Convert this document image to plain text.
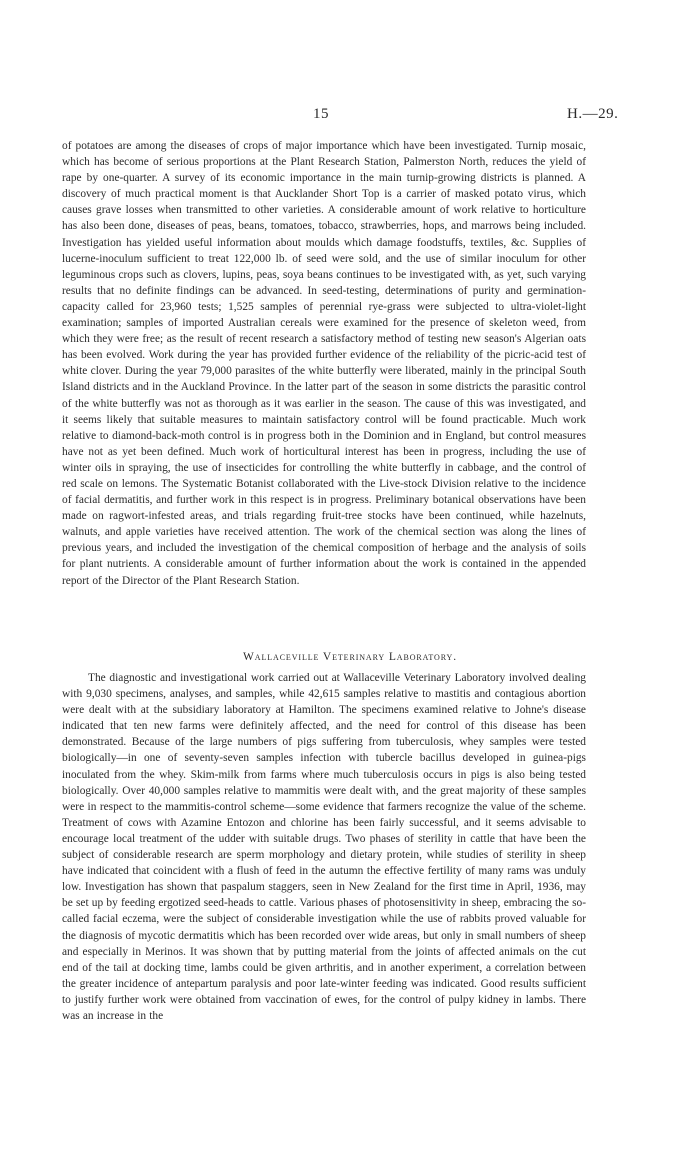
15	H.—29.

of potatoes are among the diseases of crops of major importance which have been investigated. Turnip mosaic, which has become of serious proportions at the Plant Research Station, Palmerston North, reduces the yield of rape by one-quarter. A survey of its economic importance in the main turnip-growing districts is planned. A discovery of much practical moment is that Aucklander Short Top is a carrier of masked potato virus, which causes grave losses when transmitted to other varieties. A considerable amount of work relative to horticulture has also been done, diseases of peas, beans, tomatoes, tobacco, strawberries, hops, and marrows being included. Investigation has yielded useful information about moulds which damage foodstuffs, textiles, &c. Supplies of lucerne-inoculum sufficient to treat 122,000 lb. of seed were sold, and the use of similar inoculum for other leguminous crops such as clovers, lupins, peas, soya beans continues to be investigated with, as yet, such varying results that no definite findings can be advanced. In seed-testing, determinations of purity and germination-capacity called for 23,960 tests; 1,525 samples of perennial rye-grass were subjected to ultra-violet-light examination; samples of imported Australian cereals were examined for the presence of skeleton weed, from which they were free; as the result of recent research a satisfactory method of testing new season's Algerian oats has been evolved. Work during the year has provided further evidence of the reliability of the picric-acid test of white clover. During the year 79,000 parasites of the white butterfly were liberated, mainly in the principal South Island districts and in the Auckland Province. In the latter part of the season in some districts the parasitic control of the white butterfly was not as thorough as it was earlier in the season. The cause of this was investigated, and it seems likely that suitable measures to maintain satisfactory control will be found practicable. Much work relative to diamond-back-moth control is in progress both in the Dominion and in England, but control measures have not as yet been defined. Much work of horticultural interest has been in progress, including the use of winter oils in spraying, the use of insecticides for controlling the white butterfly in cabbage, and the control of red scale on lemons. The Systematic Botanist collaborated with the Live-stock Division relative to the incidence of facial dermatitis, and further work in this respect is in progress. Preliminary botanical observations have been made on ragwort-infested areas, and trials regarding fruit-tree stocks have been continued, while hazelnuts, walnuts, and apple varieties have received attention. The work of the chemical section was along the lines of previous years, and included the investigation of the chemical composition of herbage and the analysis of soils for plant nutrients. A considerable amount of further information about the work is contained in the appended report of the Director of the Plant Research Station.

Wallaceville Veterinary Laboratory.

The diagnostic and investigational work carried out at Wallaceville Veterinary Laboratory involved dealing with 9,030 specimens, analyses, and samples, while 42,615 samples relative to mastitis and contagious abortion were dealt with at the subsidiary laboratory at Hamilton. The specimens examined relative to Johne's disease indicated that ten new farms were definitely affected, and the need for control of this disease has been demonstrated. Because of the large numbers of pigs suffering from tuberculosis, whey samples were tested biologically—in one of seventy-seven samples infection with tubercle bacillus developed in guinea-pigs inoculated from the whey. Skim-milk from farms where much tuberculosis occurs in pigs is also being tested biologically. Over 40,000 samples relative to mammitis were dealt with, and the great majority of these samples were in respect to the mammitis-control scheme—some evidence that farmers recognize the value of the scheme. Treatment of cows with Azamine Entozon and chlorine has been fairly successful, and it seems advisable to encourage local treatment of the udder with suitable drugs. Two phases of sterility in cattle that have been the subject of considerable research are sperm morphology and dietary protein, while studies of sterility in sheep have indicated that coincident with a flush of feed in the autumn the effective fertility of many rams was unduly low. Investigation has shown that paspalum staggers, seen in New Zealand for the first time in April, 1936, may be set up by feeding ergotized seed-heads to cattle. Various phases of photosensitivity in sheep, embracing the so-called facial eczema, were the subject of considerable investigation while the use of rabbits proved valuable for the diagnosis of mycotic dermatitis which has been recorded over wide areas, but only in small numbers of sheep and especially in Merinos. It was shown that by putting material from the joints of affected animals on the cut end of the tail at docking time, lambs could be given arthritis, and in another experiment, a correlation between the greater incidence of antepartum paralysis and poor late-winter feeding was indicated. Good results sufficient to justify further work were obtained from vaccination of ewes, for the control of pulpy kidney in lambs. There was an increase in the
